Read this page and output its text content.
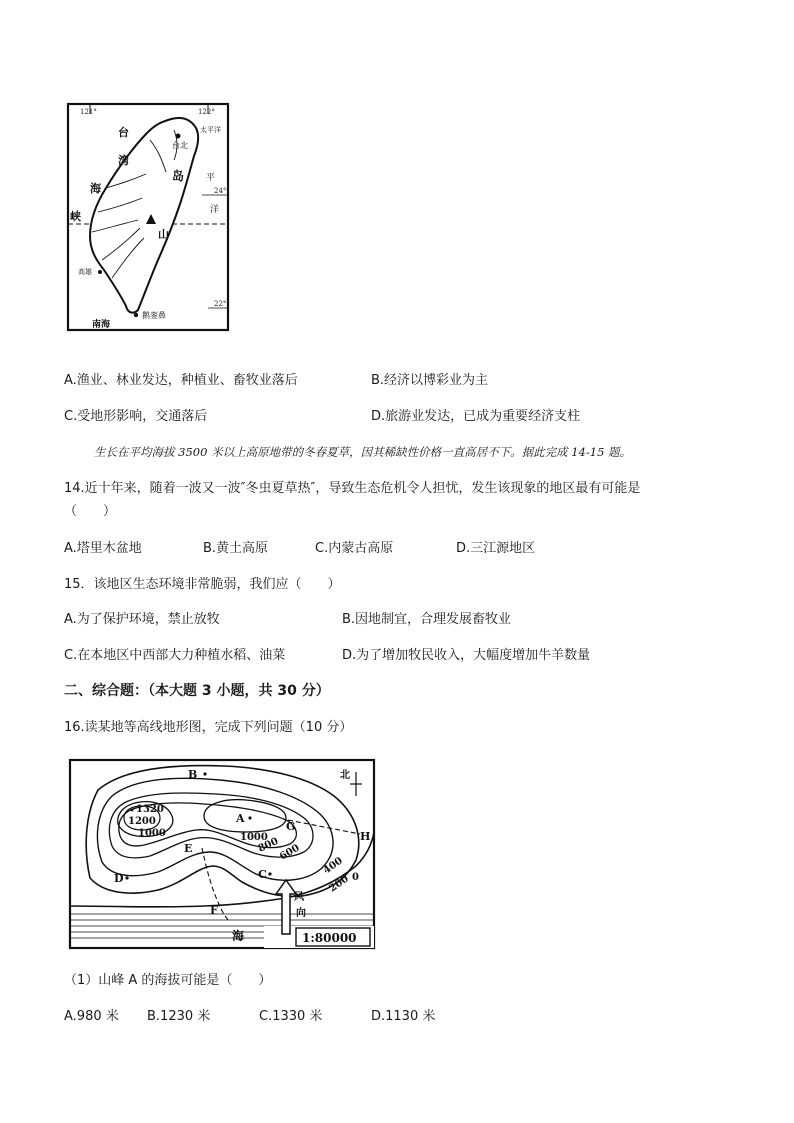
121°	122°
24°
22°
台北
太平洋
高雄
鹅銮鼻
南海
台
湾
海
峡
平
洋
岛
山
A.渔业、林业发达，种植业、畜牧业落后	B.经济以博彩业为主
C.受地形影响，交通落后	D.旅游业发达，已成为重要经济支柱
生长在平均海拔 3500 米以上高原地带的冬春夏草，因其稀缺性价格一直高居不下。据此完成 14-15 题。
14.近十年来，随着一波又一波″冬虫夏草热″，导致生态危机令人担忧，发生该现象的地区最有可能是
（　　）
A.塔里木盆地	B.黄土高原	C.内蒙古高原	D.三江源地区
15．该地区生态环境非常脆弱，我们应（　　）
A.为了保护环境，禁止放牧	B.因地制宜，合理发展畜牧业
C.在本地区中西部大力种植水稻、油菜	D.为了增加牧民收入，大幅度增加牛羊数量
二、综合题：（本大题 3 小题，共 30 分）
16.读某地等高线地形图，完成下列问题（10 分）
北
B
A
G
H
E
D	C
F
1320
1200
1000	1000
800
600
400
200 0
风
向
海	1:80000
（1）山峰 A 的海拔可能是（　　）
A.980 米 B.1230 米	C.1330 米	D.1130 米
